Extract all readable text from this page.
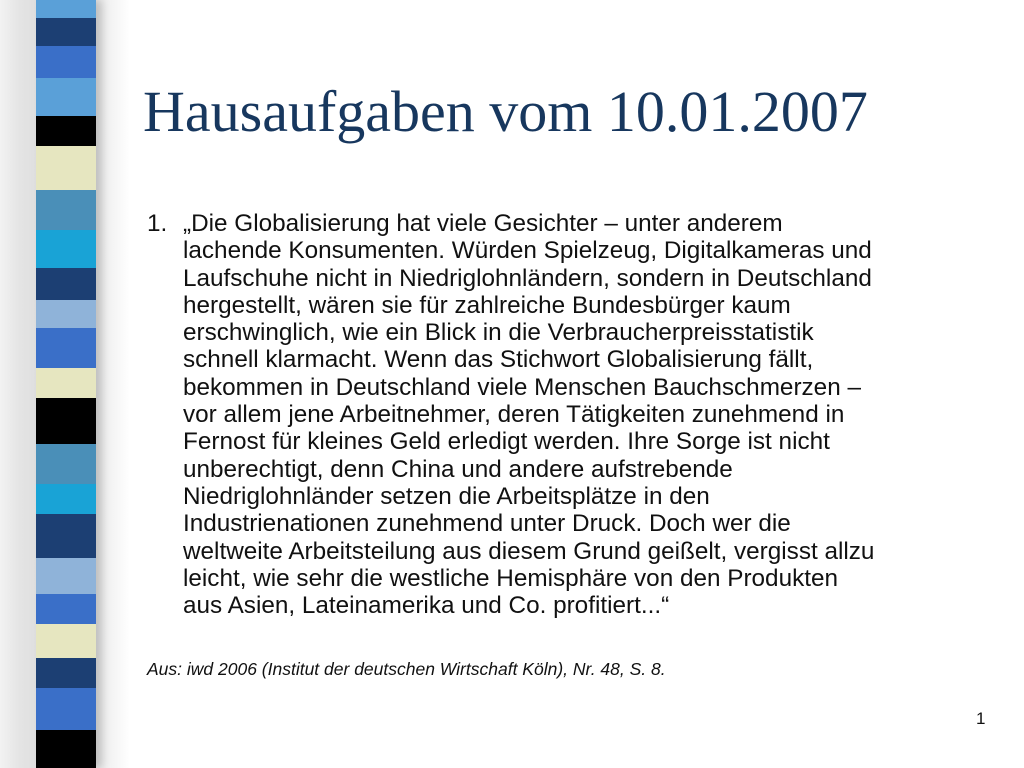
Hausaufgaben vom 10.01.2007
1. „Die Globalisierung hat viele Gesichter – unter anderem
lachende Konsumenten. Würden Spielzeug, Digitalkameras und
Laufschuhe nicht in Niedriglohnländern, sondern in Deutschland
hergestellt, wären sie für zahlreiche Bundesbürger kaum
erschwinglich, wie ein Blick in die Verbraucherpreisstatistik
schnell klarmacht. Wenn das Stichwort Globalisierung fällt,
bekommen in Deutschland viele Menschen Bauchschmerzen –
vor allem jene Arbeitnehmer, deren Tätigkeiten zunehmend in
Fernost für kleines Geld erledigt werden. Ihre Sorge ist nicht
unberechtigt, denn China und andere aufstrebende
Niedriglohnländer setzen die Arbeitsplätze in den
Industrienationen zunehmend unter Druck. Doch wer die
weltweite Arbeitsteilung aus diesem Grund geißelt, vergisst allzu
leicht, wie sehr die westliche Hemisphäre von den Produkten
aus Asien, Lateinamerika und Co. profitiert...“
Aus: iwd 2006 (Institut der deutschen Wirtschaft Köln), Nr. 48, S. 8.
1
